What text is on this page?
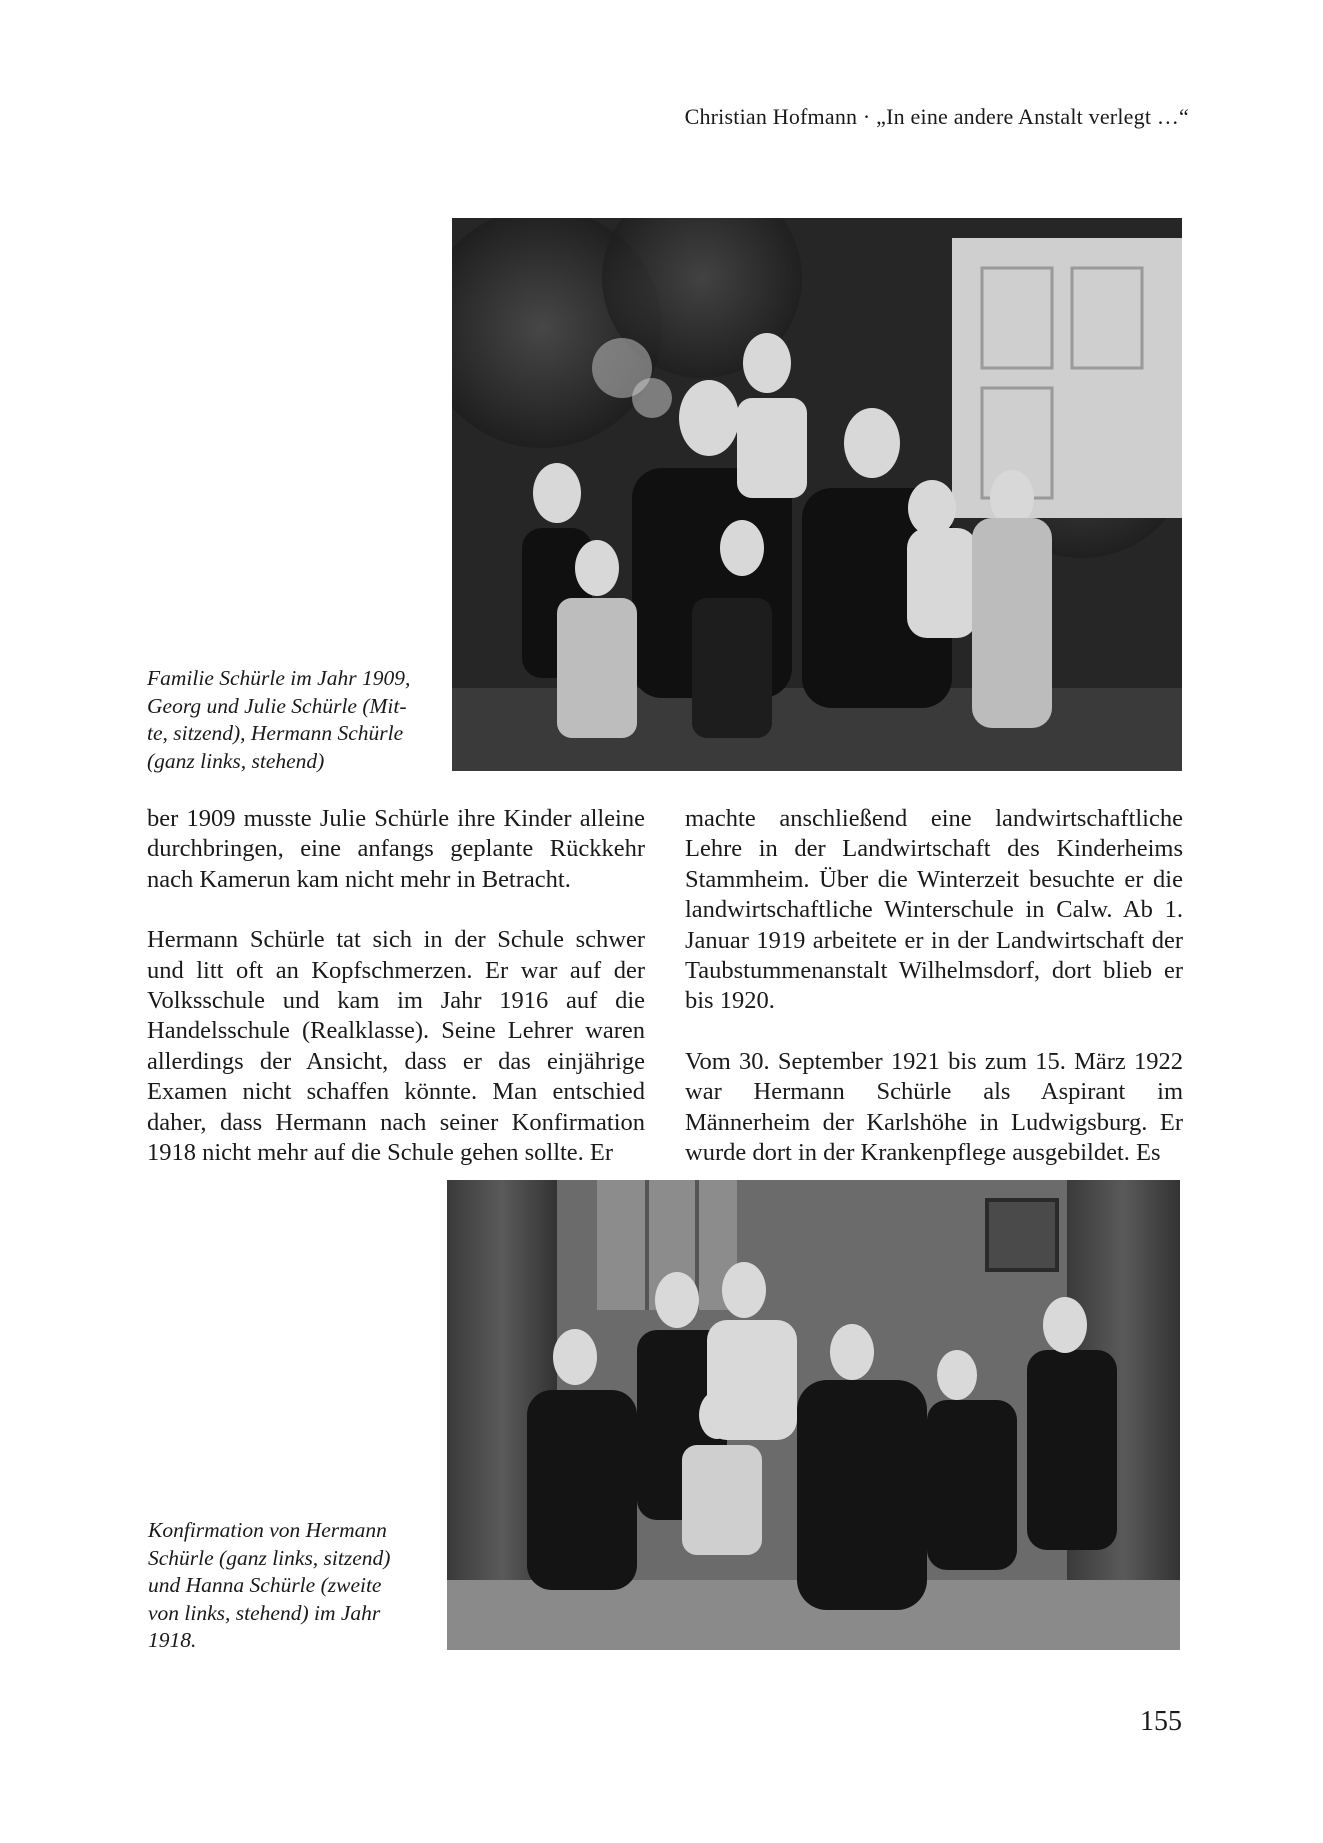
Christian Hofmann · „In eine andere Anstalt verlegt …“
Familie Schürle im Jahr 1909,
Georg und Julie Schürle (Mit-
te, sitzend), Hermann Schürle
(ganz links, stehend)

ber 1909 musste Julie Schürle ihre Kinder alleine durchbringen, eine anfangs geplante Rückkehr nach Kamerun kam nicht mehr in Betracht.

Hermann Schürle tat sich in der Schule schwer und litt oft an Kopfschmerzen. Er war auf der Volksschule und kam im Jahr 1916 auf die Handelsschule (Realklasse). Seine Lehrer waren allerdings der Ansicht, dass er das einjährige Examen nicht schaffen könnte. Man entschied daher, dass Hermann nach seiner Konfirmation 1918 nicht mehr auf die Schule gehen sollte. Er

machte anschließend eine landwirtschaftliche Lehre in der Landwirtschaft des Kinderheims Stammheim. Über die Winterzeit besuchte er die landwirtschaftliche Winterschule in Calw. Ab 1. Januar 1919 arbeitete er in der Landwirtschaft der Taubstummenanstalt Wilhelmsdorf, dort blieb er bis 1920.

Vom 30. September 1921 bis zum 15. März 1922 war Hermann Schürle als Aspirant im Männerheim der Karlshöhe in Ludwigsburg. Er wurde dort in der Krankenpflege ausgebildet. Es

Konfirmation von Hermann
Schürle (ganz links, sitzend)
und Hanna Schürle (zweite
von links, stehend) im Jahr
1918.
155
